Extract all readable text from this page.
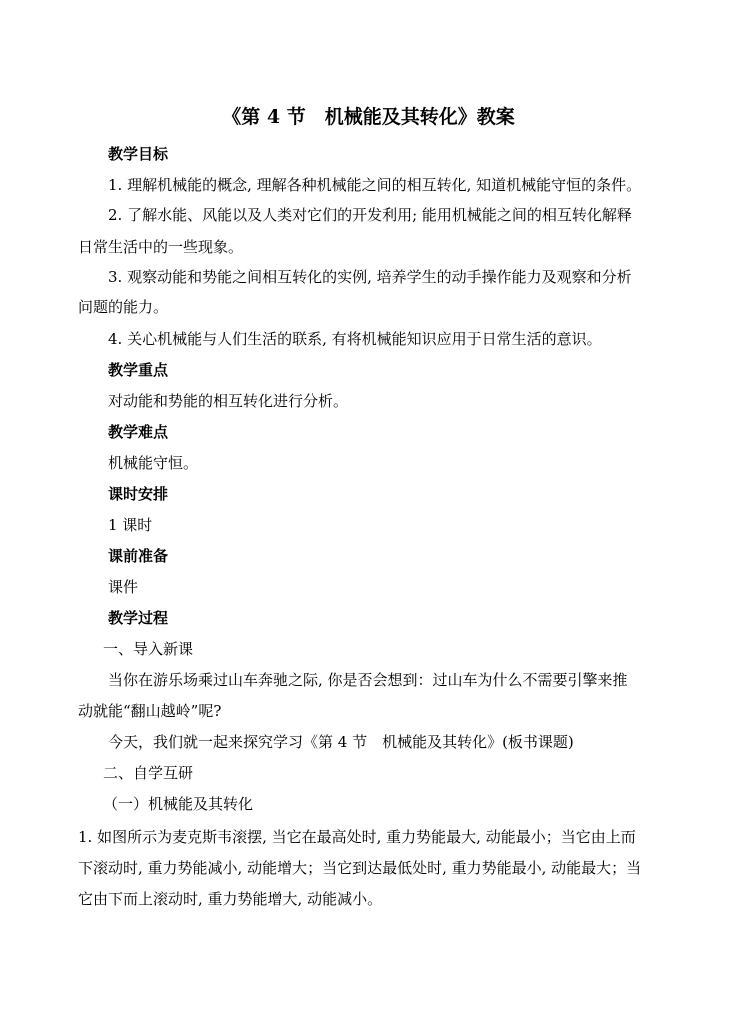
《第 4 节　机械能及其转化》教案
教学目标
1. 理解机械能的概念, 理解各种机械能之间的相互转化, 知道机械能守恒的条件。
2. 了解水能、风能以及人类对它们的开发利用; 能用机械能之间的相互转化解释
日常生活中的一些现象。
3. 观察动能和势能之间相互转化的实例, 培养学生的动手操作能力及观察和分析
问题的能力。
4. 关心机械能与人们生活的联系, 有将机械能知识应用于日常生活的意识。
教学重点
对动能和势能的相互转化进行分析。
教学难点
机械能守恒。
课时安排
1 课时
课前准备
课件
教学过程
一、导入新课
当你在游乐场乘过山车奔驰之际, 你是否会想到：过山车为什么不需要引擎来推
动就能“翻山越岭”呢?
今天，我们就一起来探究学习《第 4 节　机械能及其转化》(板书课题)
二、自学互研
（一）机械能及其转化
1. 如图所示为麦克斯韦滚摆, 当它在最高处时, 重力势能最大, 动能最小；当它由上而
下滚动时, 重力势能减小, 动能增大；当它到达最低处时, 重力势能最小, 动能最大；当
它由下而上滚动时, 重力势能增大, 动能减小。
